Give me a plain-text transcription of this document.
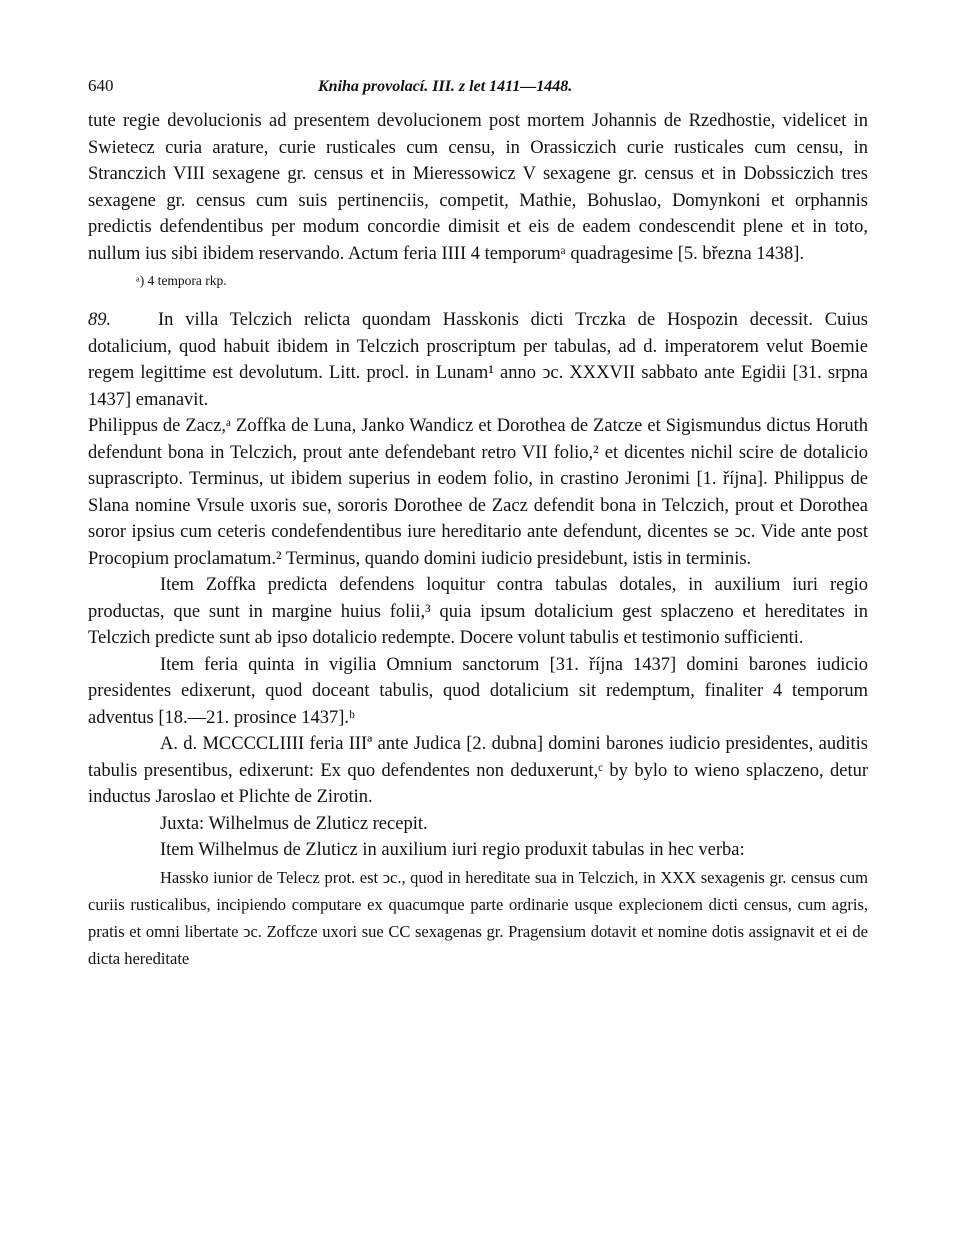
640	Kniha provolací. III. z let 1411—1448.

tute regie devolucionis ad presentem devolucionem post mortem Johannis de Rzedhostie, videlicet in Swietecz curia arature, curie rusticales cum censu, in Orassiczich curie rusticales cum censu, in Stranczich VIII sexagene gr. census et in Mieressowicz V sexagene gr. census et in Dobssiczich tres sexagene gr. census cum suis pertinenciis, competit, Mathie, Bohuslao, Domynkoni et orphannis predictis defendentibus per modum concordie dimisit et eis de eadem condescendit plene et in toto, nullum ius sibi ibidem reservando. Actum feria IIII 4 temporumᵃ quadragesime [5. března 1438].

ᵃ) 4 tempora rkp.

89.	In villa Telczich relicta quondam Hasskonis dicti Trczka de Hospozin decessit. Cuius dotalicium, quod habuit ibidem in Telczich proscriptum per tabulas, ad d. imperatorem velut Boemie regem legittime est devolutum. Litt. procl. in Lunam¹ anno ͻc. XXXVII sabbato ante Egidii [31. srpna 1437] emanavit.

Philippus de Zacz,ᵃ Zoffka de Luna, Janko Wandicz et Dorothea de Zatcze et Sigismundus dictus Horuth defendunt bona in Telczich, prout ante defendebant retro VII folio,² et dicentes nichil scire de dotalicio suprascripto. Terminus, ut ibidem superius in eodem folio, in crastino Jeronimi [1. října]. Philippus de Slana nomine Vrsule uxoris sue, sororis Dorothee de Zacz defendit bona in Telczich, prout et Dorothea soror ipsius cum ceteris condefendentibus iure hereditario ante defendunt, dicentes se ͻc. Vide ante post Procopium proclamatum.² Terminus, quando domini iudicio presidebunt, istis in terminis.

Item Zoffka predicta defendens loquitur contra tabulas dotales, in auxilium iuri regio productas, que sunt in margine huius folii,³ quia ipsum dotalicium gest splaczeno et hereditates in Telczich predicte sunt ab ipso dotalicio redempte. Docere volunt tabulis et testimonio sufficienti.

Item feria quinta in vigilia Omnium sanctorum [31. října 1437] domini barones iudicio presidentes edixerunt, quod doceant tabulis, quod dotalicium sit redemptum, finaliter 4 temporum adventus [18.—21. prosince 1437].ᵇ

A. d. MCCCCLIIII feria IIIª ante Judica [2. dubna] domini barones iudicio presidentes, auditis tabulis presentibus, edixerunt: Ex quo defendentes non deduxerunt,ᶜ by bylo to wieno splaczeno, detur inductus Jaroslao et Plichte de Zirotin.

Juxta: Wilhelmus de Zluticz recepit.

Item Wilhelmus de Zluticz in auxilium iuri regio produxit tabulas in hec verba:

Hassko iunior de Telecz prot. est ͻc., quod in hereditate sua in Telczich, in XXX sexagenis gr. census cum curiis rusticalibus, incipiendo computare ex quacumque parte ordinarie usque explecionem dicti census, cum agris, pratis et omni libertate ͻc. Zoffcze uxori sue CC sexagenas gr. Pragensium dotavit et nomine dotis assignavit et ei de dicta hereditate
